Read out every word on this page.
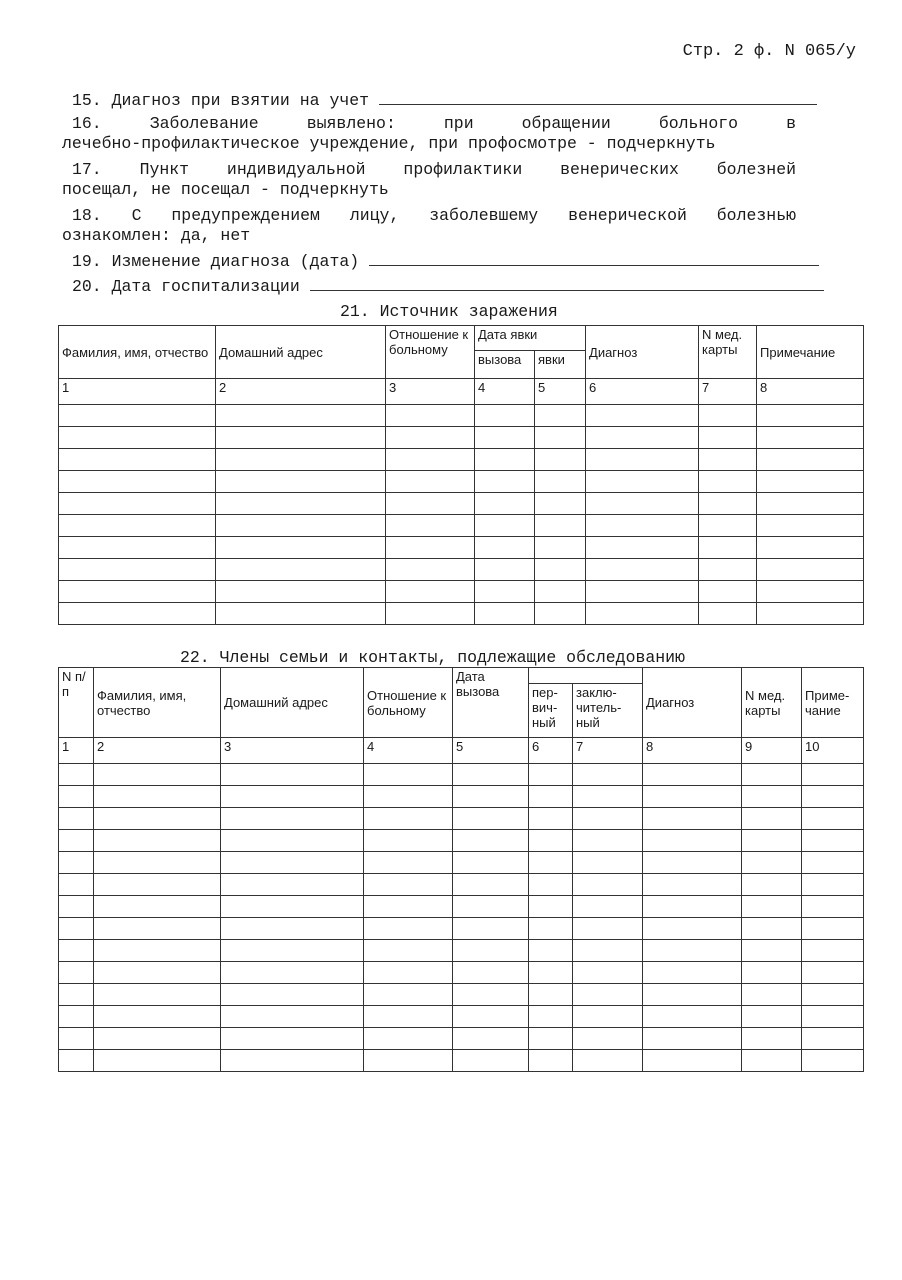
Стр. 2 ф. N 065/у
15. Диагноз при взятии на учет
16. Заболевание выявлено: при обращении больного в
лечебно-профилактическое учреждение, при профосмотре - подчеркнуть
17. Пункт индивидуальной профилактики венерических болезней
посещал, не посещал - подчеркнуть
18. С предупреждением лицу, заболевшему венерической болезнью
ознакомлен: да, нет
19. Изменение диагноза (дата)
20. Дата госпитализации
21. Источник заражения
Фамилия, имя, отчество	Домашний адрес	Отношение к больному	Дата явки		Диагноз	N мед. карты	Примечание
			вызова	явки			
1	2	3	4	5	6	7	8

22. Члены семьи и контакты, подлежащие обследованию
N п/п	Фамилия, имя, отчество	Домашний адрес	Отношение к больному	Дата вызова			Диагноз	N мед. карты	Приме- чание
					пер- вич- ный	заклю- читель- ный			
1	2	3	4	5	6	7	8	9	10
